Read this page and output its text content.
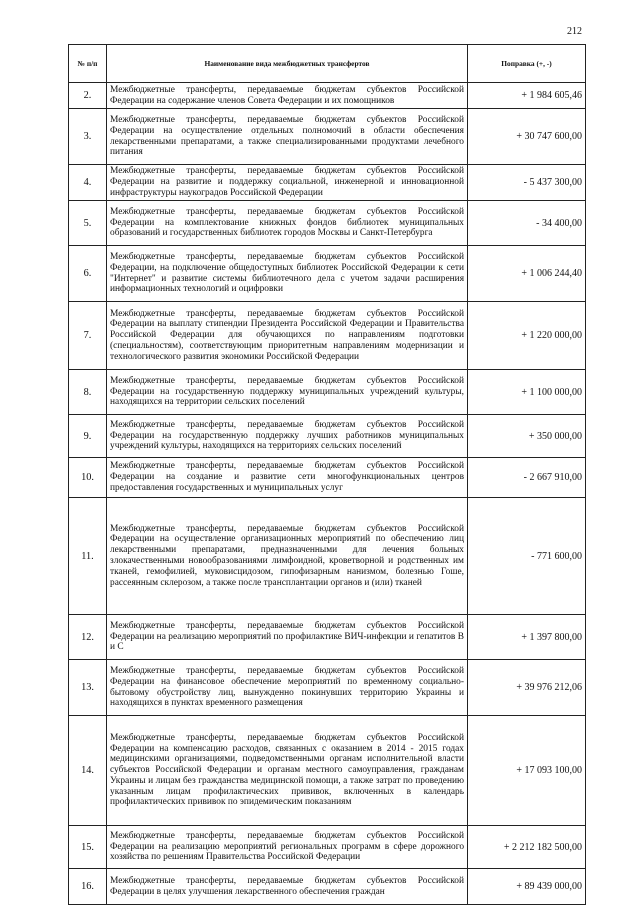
212
№ п/п	Наименование вида межбюджетных трансфертов	Поправка (+, -)
2.	Межбюджетные трансферты, передаваемые бюджетам субъектов Российской Федерации на содержание членов Совета Федерации и их помощников	+ 1 984 605,46
3.	Межбюджетные трансферты, передаваемые бюджетам субъектов Российской Федерации на осуществление отдельных полномочий в области обеспечения лекарственными препаратами, а также специализированными продуктами лечебного питания	+ 30 747 600,00
4.	Межбюджетные трансферты, передаваемые бюджетам субъектов Российской Федерации на развитие и поддержку социальной, инженерной и инновационной инфраструктуры наукоградов Российской Федерации	- 5 437 300,00
5.	Межбюджетные трансферты, передаваемые бюджетам субъектов Российской Федерации на комплектование книжных фондов библиотек муниципальных образований и государственных библиотек городов Москвы и Санкт-Петербурга	- 34 400,00
6.	Межбюджетные трансферты, передаваемые бюджетам субъектов Российской Федерации, на подключение общедоступных библиотек Российской Федерации к сети "Интернет" и развитие системы библиотечного дела с учетом задачи расширения информационных технологий и оцифровки	+ 1 006 244,40
7.	Межбюджетные трансферты, передаваемые бюджетам субъектов Российской Федерации на выплату стипендии Президента Российской Федерации и Правительства Российской Федерации для обучающихся по направлениям подготовки (специальностям), соответствующим приоритетным направлениям модернизации и технологического развития экономики Российской Федерации	+ 1 220 000,00
8.	Межбюджетные трансферты, передаваемые бюджетам субъектов Российской Федерации на государственную поддержку муниципальных учреждений культуры, находящихся на территории сельских поселений	+ 1 100 000,00
9.	Межбюджетные трансферты, передаваемые бюджетам субъектов Российской Федерации на государственную поддержку лучших работников муниципальных учреждений культуры, находящихся на территориях сельских поселений	+ 350 000,00
10.	Межбюджетные трансферты, передаваемые бюджетам субъектов Российской Федерации на создание и развитие сети многофункциональных центров предоставления государственных и муниципальных услуг	- 2 667 910,00
11.	Межбюджетные трансферты, передаваемые бюджетам субъектов Российской Федерации на осуществление организационных мероприятий по обеспечению лиц лекарственными препаратами, предназначенными для лечения больных злокачественными новообразованиями лимфоидной, кроветворной и родственных им тканей, гемофилией, муковисцидозом, гипофизарным нанизмом, болезнью Гоше, рассеянным склерозом, а также после трансплантации органов и (или) тканей	- 771 600,00
12.	Межбюджетные трансферты, передаваемые бюджетам субъектов Российской Федерации на реализацию мероприятий по профилактике ВИЧ-инфекции и гепатитов В и С	+ 1 397 800,00
13.	Межбюджетные трансферты, передаваемые бюджетам субъектов Российской Федерации на финансовое обеспечение мероприятий по временному социально- бытовому обустройству лиц, вынужденно покинувших территорию Украины и находящихся в пунктах временного размещения	+ 39 976 212,06
14.	Межбюджетные трансферты, передаваемые бюджетам субъектов Российской Федерации на компенсацию расходов, связанных с оказанием в 2014 - 2015 годах медицинскими организациями, подведомственными органам исполнительной власти субъектов Российской Федерации и органам местного самоуправления, гражданам Украины и лицам без гражданства медицинской помощи, а также затрат по проведению указанным лицам профилактических прививок, включенных в календарь профилактических прививок по эпидемическим показаниям	+ 17 093 100,00
15.	Межбюджетные трансферты, передаваемые бюджетам субъектов Российской Федерации на реализацию мероприятий региональных программ в сфере дорожного хозяйства по решениям Правительства Российской Федерации	+ 2 212 182 500,00
16.	Межбюджетные трансферты, передаваемые бюджетам субъектов Российской Федерации в целях улучшения лекарственного обеспечения граждан	+ 89 439 000,00
